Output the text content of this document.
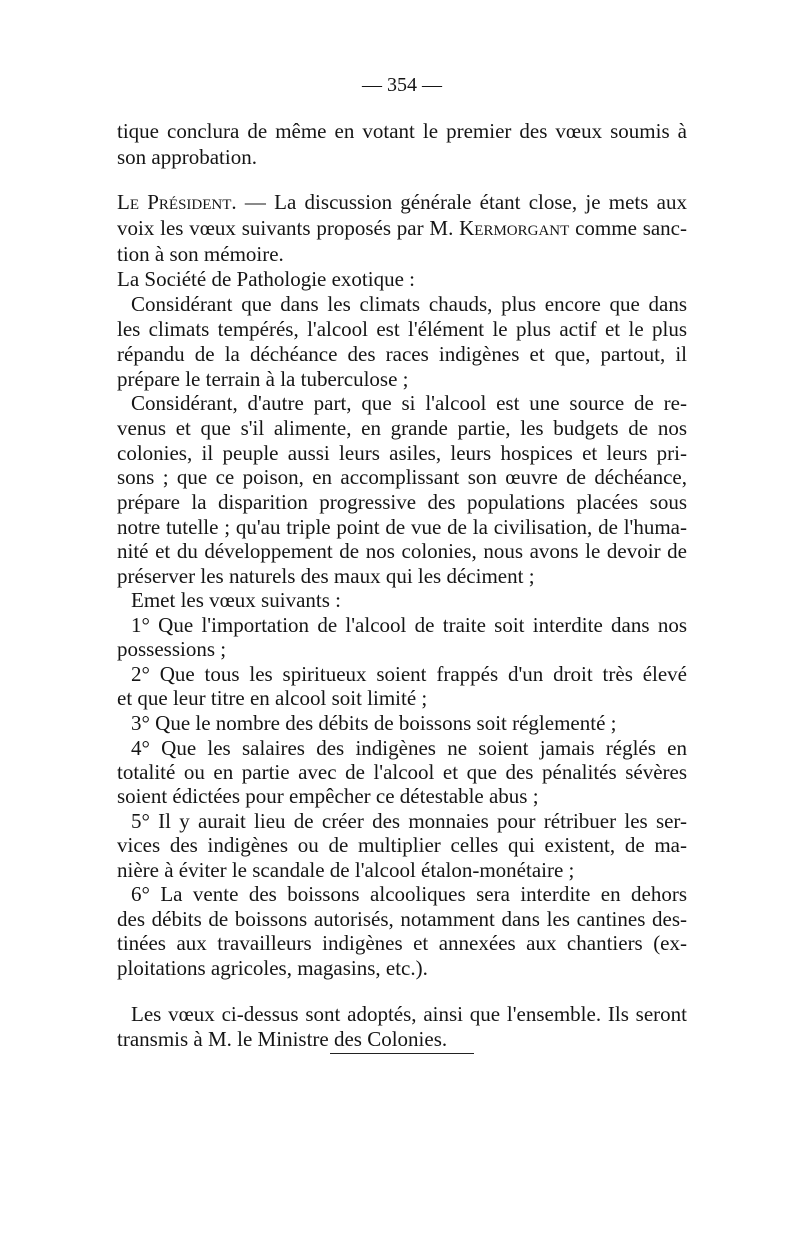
— 354 —
tique conclura de même en votant le premier des vœux soumis à
son approbation.
Le Président. — La discussion générale étant close, je mets aux
voix les vœux suivants proposés par M. Kermorgant comme sanc-
tion à son mémoire.
La Société de Pathologie exotique :
Considérant que dans les climats chauds, plus encore que dans
les climats tempérés, l'alcool est l'élément le plus actif et le plus
répandu de la déchéance des races indigènes et que, partout, il
prépare le terrain à la tuberculose ;
Considérant, d'autre part, que si l'alcool est une source de re-
venus et que s'il alimente, en grande partie, les budgets de nos
colonies, il peuple aussi leurs asiles, leurs hospices et leurs pri-
sons ; que ce poison, en accomplissant son œuvre de déchéance,
prépare la disparition progressive des populations placées sous
notre tutelle ; qu'au triple point de vue de la civilisation, de l'huma-
nité et du développement de nos colonies, nous avons le devoir de
préserver les naturels des maux qui les déciment ;
Emet les vœux suivants :
1° Que l'importation de l'alcool de traite soit interdite dans nos
possessions ;
2° Que tous les spiritueux soient frappés d'un droit très élevé
et que leur titre en alcool soit limité ;
3° Que le nombre des débits de boissons soit réglementé ;
4° Que les salaires des indigènes ne soient jamais réglés en
totalité ou en partie avec de l'alcool et que des pénalités sévères
soient édictées pour empêcher ce détestable abus ;
5° Il y aurait lieu de créer des monnaies pour rétribuer les ser-
vices des indigènes ou de multiplier celles qui existent, de ma-
nière à éviter le scandale de l'alcool étalon-monétaire ;
6° La vente des boissons alcooliques sera interdite en dehors
des débits de boissons autorisés, notamment dans les cantines des-
tinées aux travailleurs indigènes et annexées aux chantiers (ex-
ploitations agricoles, magasins, etc.).
Les vœux ci-dessus sont adoptés, ainsi que l'ensemble. Ils seront
transmis à M. le Ministre des Colonies.
